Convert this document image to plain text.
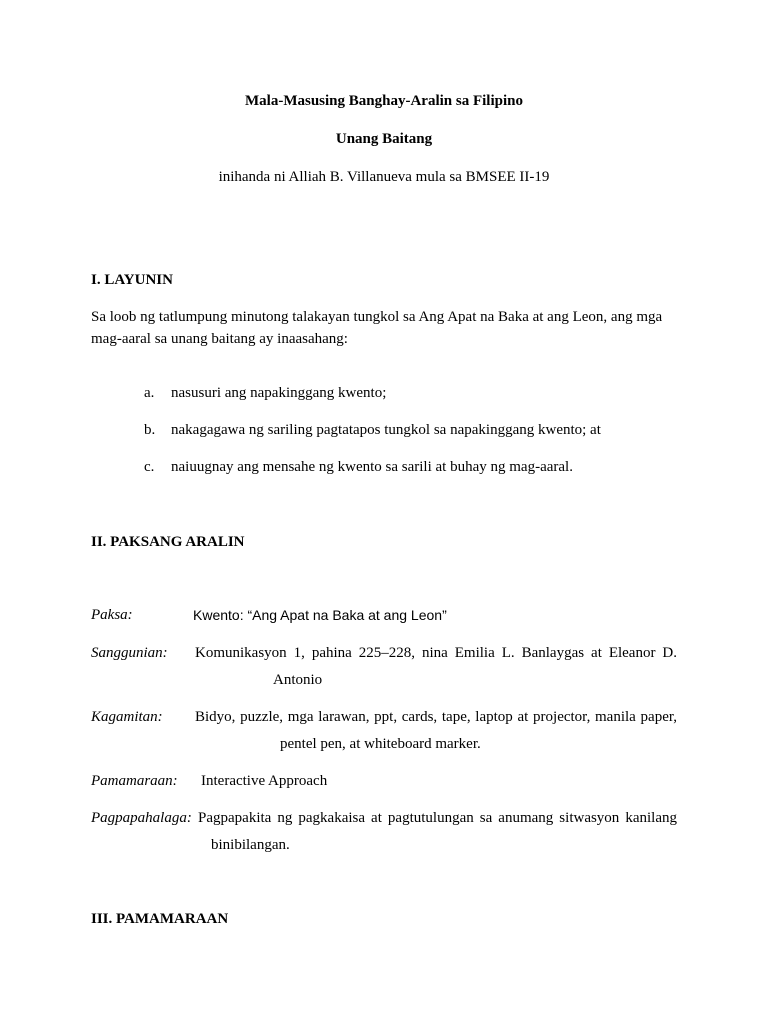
Mala-Masusing Banghay-Aralin sa Filipino
Unang Baitang
inihanda ni Alliah B. Villanueva mula sa BMSEE II-19
I. LAYUNIN
Sa loob ng tatlumpung minutong talakayan tungkol sa Ang Apat na Baka at ang Leon, ang mga
mag-aaral sa unang baitang ay inaasahang:
a. nasusuri ang napakinggang kwento;
b. nakagagawa ng sariling pagtatapos tungkol sa napakinggang kwento; at
c. naiuugnay ang mensahe ng kwento sa sarili at buhay ng mag-aaral.
II. PAKSANG ARALIN
Paksa:	Kwento: “Ang Apat na Baka at ang Leon”
Sanggunian: Komunikasyon 1, pahina 225–228, nina Emilia L. Banlaygas at Eleanor D.
Antonio
Kagamitan: Bidyo, puzzle, mga larawan, ppt, cards, tape, laptop at projector, manila paper,
pentel pen, at whiteboard marker.
Pamamaraan: Interactive Approach
Pagpapahalaga: Pagpapakita ng pagkakaisa at pagtutulungan sa anumang sitwasyon kanilang
binibilangan.
III. PAMAMARAAN
